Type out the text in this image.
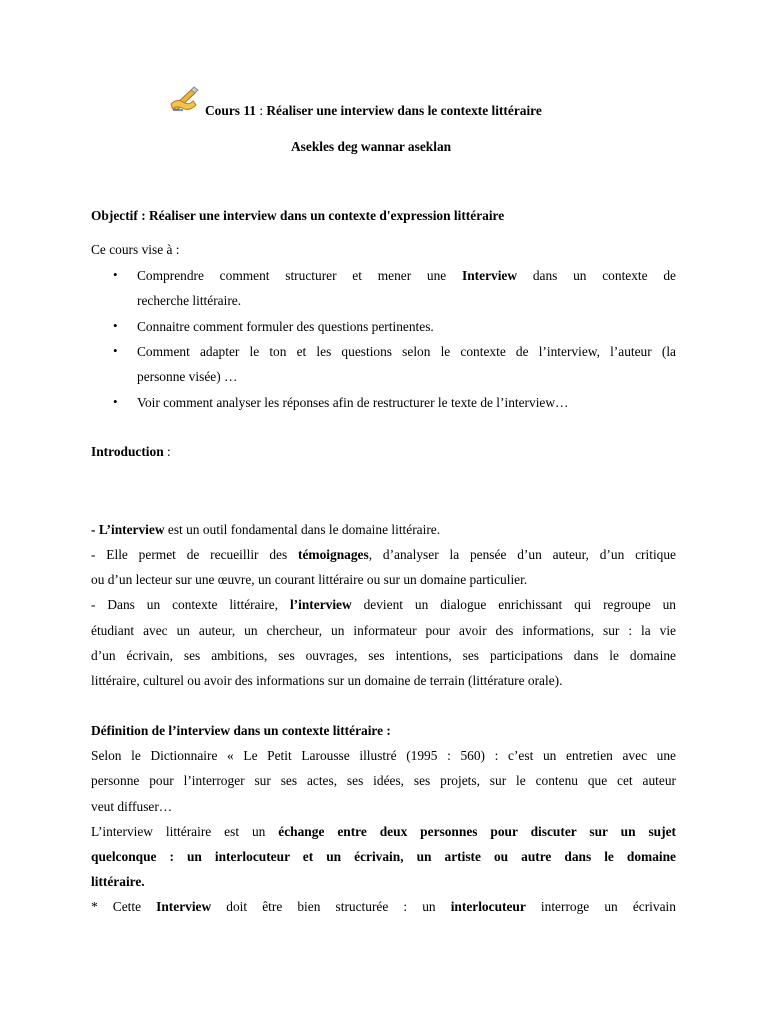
Cours 11 : Réaliser une interview dans le contexte littéraire
Asekles deg wannar aseklan
Objectif : Réaliser une interview dans un contexte d'expression littéraire
Ce cours vise à :
• Comprendre comment structurer et mener une Interview dans un contexte de
recherche littéraire.
• Connaitre comment formuler des questions pertinentes.
• Comment adapter le ton et les questions selon le contexte de l’interview, l’auteur (la
personne visée) …
• Voir comment analyser les réponses afin de restructurer le texte de l’interview…
Introduction :
- L’interview est un outil fondamental dans le domaine littéraire.
- Elle permet de recueillir des témoignages, d’analyser la pensée d’un auteur, d’un critique
ou d’un lecteur sur une œuvre, un courant littéraire ou sur un domaine particulier.
- Dans un contexte littéraire, l’interview devient un dialogue enrichissant qui regroupe un
étudiant avec un auteur, un chercheur, un informateur pour avoir des informations, sur : la vie
d’un écrivain, ses ambitions, ses ouvrages, ses intentions, ses participations dans le domaine
littéraire, culturel ou avoir des informations sur un domaine de terrain (littérature orale).
Définition de l’interview dans un contexte littéraire :
Selon le Dictionnaire « Le Petit Larousse illustré (1995 : 560) : c’est un entretien avec une
personne pour l’interroger sur ses actes, ses idées, ses projets, sur le contenu que cet auteur
veut diffuser…
L’interview littéraire est un échange entre deux personnes pour discuter sur un sujet
quelconque : un interlocuteur et un écrivain, un artiste ou autre dans le domaine
littéraire.
* Cette Interview doit être bien structurée : un interlocuteur interroge un écrivain
